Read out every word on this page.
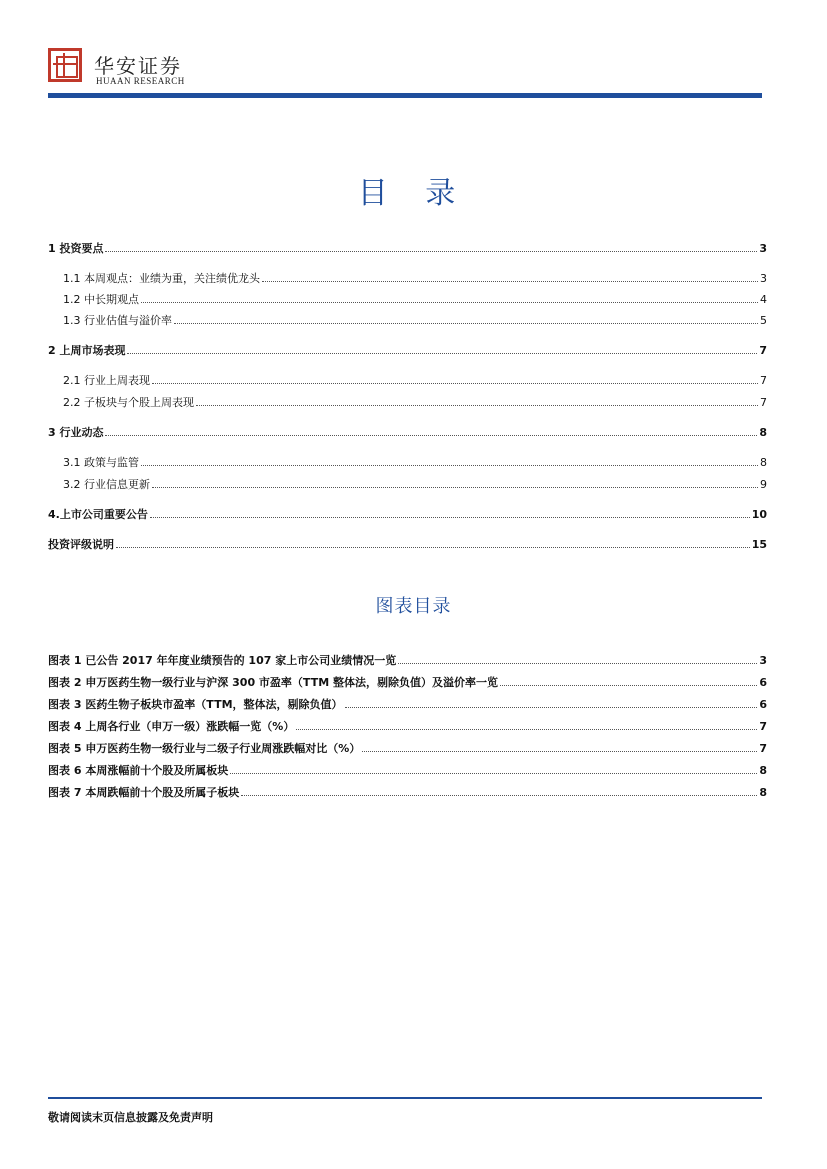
华安证券
HUAAN RESEARCH
目 录
1 投资要点	3
1.1 本周观点：业绩为重，关注绩优龙头	3
1.2 中长期观点	4
1.3 行业估值与溢价率	5
2 上周市场表现	7
2.1 行业上周表现	7
2.2 子板块与个股上周表现	7
3 行业动态	8
3.1 政策与监管	8
3.2 行业信息更新	9
4.上市公司重要公告	10
投资评级说明	15
图表目录
图表 1 已公告 2017 年年度业绩预告的 107 家上市公司业绩情况一览	3
图表 2 申万医药生物一级行业与沪深 300 市盈率（TTM 整体法，剔除负值）及溢价率一览	6
图表 3 医药生物子板块市盈率（TTM，整体法，剔除负值）	6
图表 4 上周各行业（申万一级）涨跌幅一览（%）	7
图表 5 申万医药生物一级行业与二级子行业周涨跌幅对比（%）	7
图表 6 本周涨幅前十个股及所属板块	8
图表 7 本周跌幅前十个股及所属子板块	8
敬请阅读末页信息披露及免责声明
